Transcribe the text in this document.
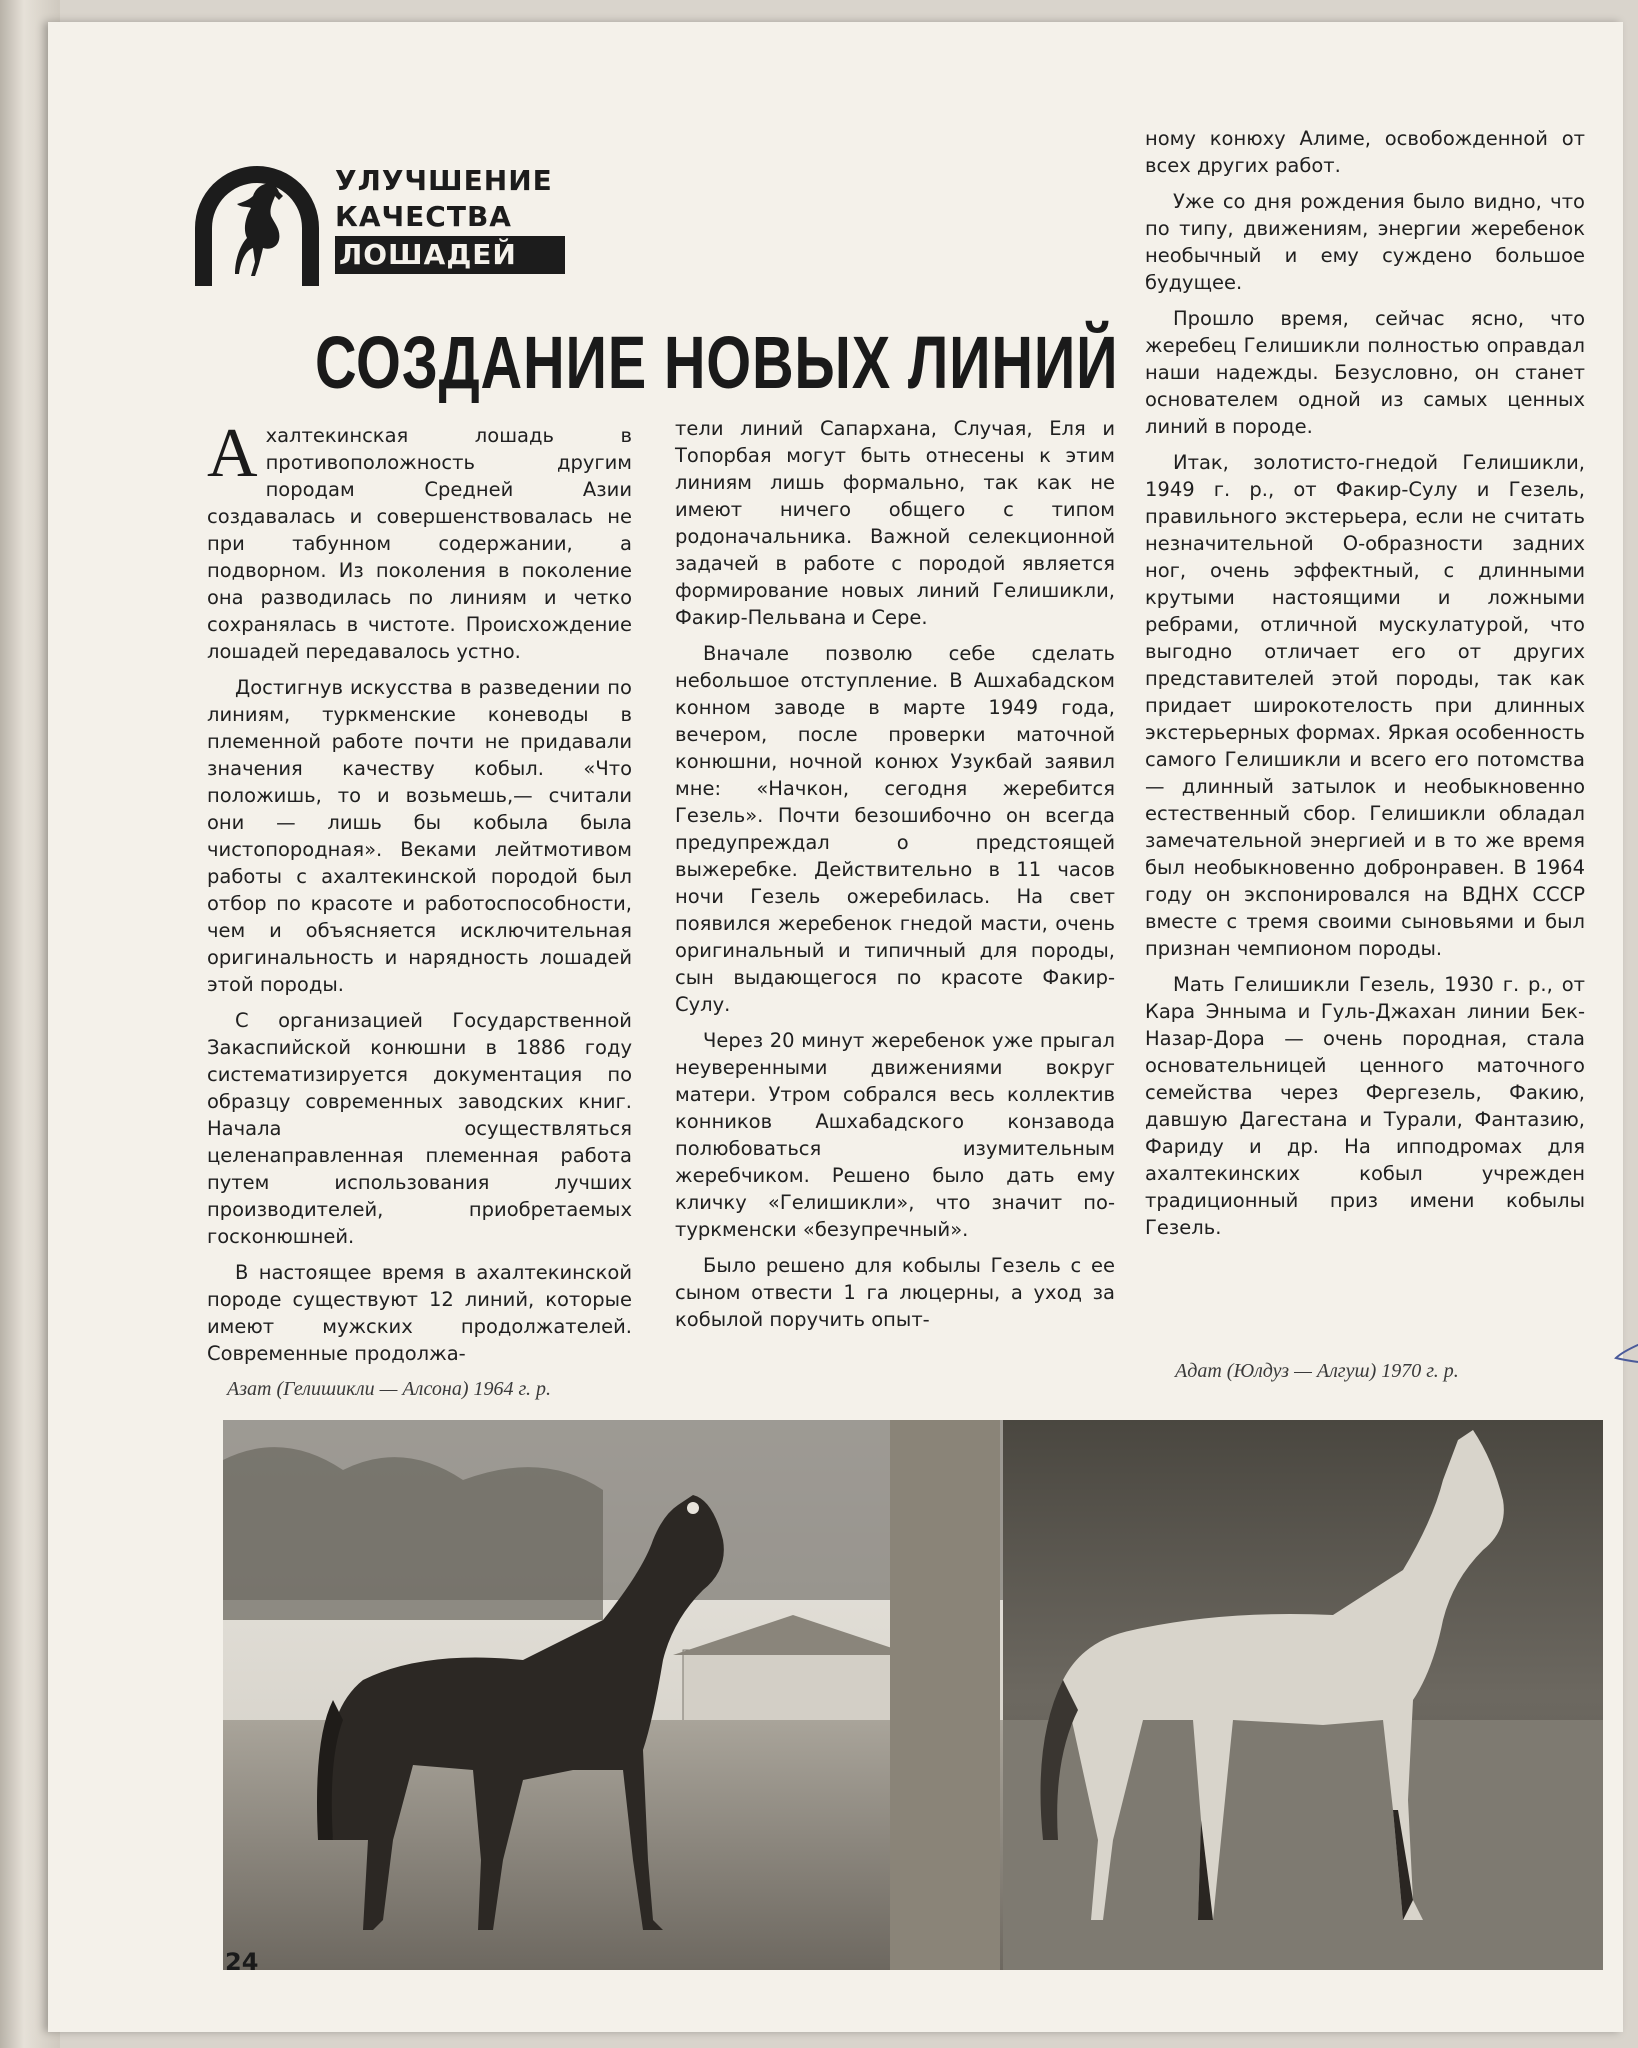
УЛУЧШЕНИЕ
КАЧЕСТВА
ЛОШАДЕЙ
СОЗДАНИЕ НОВЫХ ЛИНИЙ

Ахалтекинская лошадь в противоположность другим породам Средней Азии создавалась и совершенствовалась не при табунном содержании, а подворном. Из поколения в поколение она разводилась по линиям и четко сохранялась в чистоте. Происхождение лошадей передавалось устно.

Достигнув искусства в разведении по линиям, туркменские коневоды в племенной работе почти не придавали значения качеству кобыл. «Что положишь, то и возьмешь,— считали они — лишь бы кобыла была чистопородная». Веками лейтмотивом работы с ахалтекинской породой был отбор по красоте и работоспособности, чем и объясняется исключительная оригинальность и нарядность лошадей этой породы.

С организацией Государственной Закаспийской конюшни в 1886 году систематизируется документация по образцу современных заводских книг. Начала осуществляться целенаправленная племенная работа путем использования лучших производителей, приобретаемых госконюшней.

В настоящее время в ахалтекинской породе существуют 12 линий, которые имеют мужских продолжателей. Современные продолжа-

тели линий Сапархана, Случая, Еля и Топорбая могут быть отнесены к этим линиям лишь формально, так как не имеют ничего общего с типом родоначальника. Важной селекционной задачей в работе с породой является формирование новых линий Гелишикли, Факир-Пельвана и Сере.

Вначале позволю себе сделать небольшое отступление. В Ашхабадском конном заводе в марте 1949 года, вечером, после проверки маточной конюшни, ночной конюх Узукбай заявил мне: «Начкон, сегодня жеребится Гезель». Почти безошибочно он всегда предупреждал о предстоящей выжеребке. Действительно в 11 часов ночи Гезель ожеребилась. На свет появился жеребенок гнедой масти, очень оригинальный и типичный для породы, сын выдающегося по красоте Факир-Сулу.

Через 20 минут жеребенок уже прыгал неуверенными движениями вокруг матери. Утром собрался весь коллектив конников Ашхабадского конзавода полюбоваться изумительным жеребчиком. Решено было дать ему кличку «Гелишикли», что значит по-туркменски «безупречный».

Было решено для кобылы Гезель с ее сыном отвести 1 га люцерны, а уход за кобылой поручить опыт-

ному конюху Алиме, освобожденной от всех других работ.

Уже со дня рождения было видно, что по типу, движениям, энергии жеребенок необычный и ему суждено большое будущее.

Прошло время, сейчас ясно, что жеребец Гелишикли полностью оправдал наши надежды. Безусловно, он станет основателем одной из самых ценных линий в породе.

Итак, золотисто-гнедой Гелишикли, 1949 г. р., от Факир-Сулу и Гезель, правильного экстерьера, если не считать незначительной О-образности задних ног, очень эффектный, с длинными крутыми настоящими и ложными ребрами, отличной мускулатурой, что выгодно отличает его от других представителей этой породы, так как придает широкотелость при длинных экстерьерных формах. Яркая особенность самого Гелишикли и всего его потомства — длинный затылок и необыкновенно естественный сбор. Гелишикли обладал замечательной энергией и в то же время был необыкновенно добронравен. В 1964 году он экспонировался на ВДНХ СССР вместе с тремя своими сыновьями и был признан чемпионом породы.

Мать Гелишикли Гезель, 1930 г. р., от Кара Энныма и Гуль-Джахан линии Бек-Назар-Дора — очень породная, стала основательницей ценного маточного семейства через Фергезель, Факию, давшую Дагестана и Турали, Фантазию, Фариду и др. На ипподромах для ахалтекинских кобыл учрежден традиционный приз имени кобылы Гезель.

Азат (Гелишикли — Алсона) 1964 г. р.
Адат (Юлдуз — Алгуш) 1970 г. р.
24
